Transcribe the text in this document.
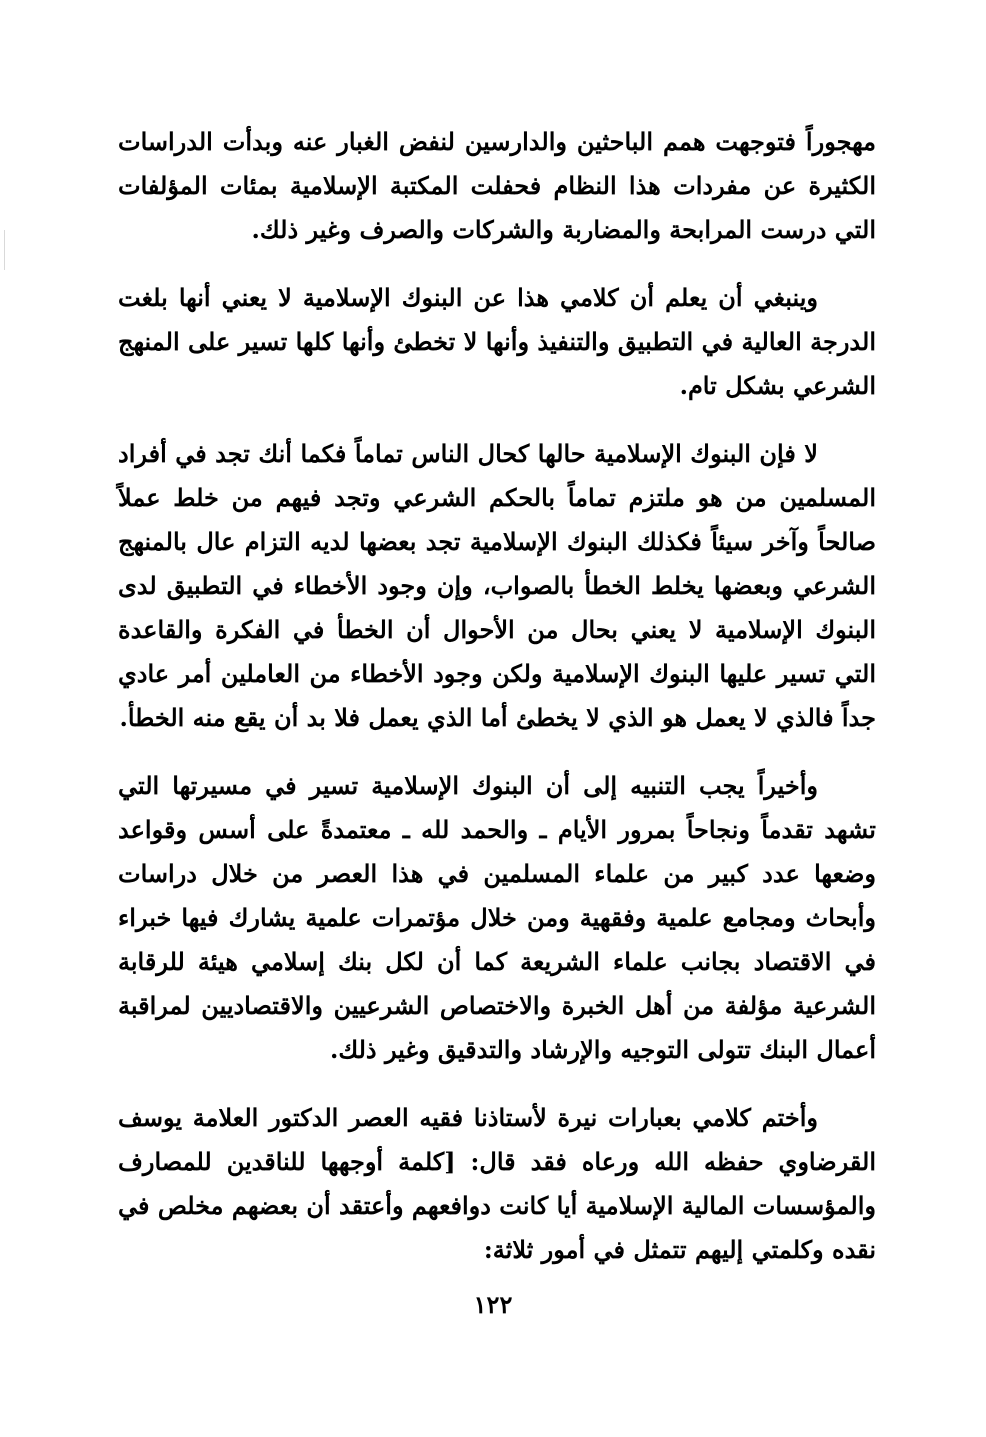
مهجوراً فتوجهت همم الباحثين والدارسين لنفض الغبار عنه وبدأت الدراسات الكثيرة عن مفردات هذا النظام فحفلت المكتبة الإسلامية بمئات المؤلفات التي درست المرابحة والمضاربة والشركات والصرف وغير ذلك.

وينبغي أن يعلم أن كلامي هذا عن البنوك الإسلامية لا يعني أنها بلغت الدرجة العالية في التطبيق والتنفيذ وأنها لا تخطئ وأنها كلها تسير على المنهج الشرعي بشكل تام.

لا فإن البنوك الإسلامية حالها كحال الناس تماماً فكما أنك تجد في أفراد المسلمين من هو ملتزم تماماً بالحكم الشرعي وتجد فيهم من خلط عملاً صالحاً وآخر سيئاً فكذلك البنوك الإسلامية تجد بعضها لديه التزام عال بالمنهج الشرعي وبعضها يخلط الخطأ بالصواب، وإن وجود الأخطاء في التطبيق لدى البنوك الإسلامية لا يعني بحال من الأحوال أن الخطأ في الفكرة والقاعدة التي تسير عليها البنوك الإسلامية ولكن وجود الأخطاء من العاملين أمر عادي جداً فالذي لا يعمل هو الذي لا يخطئ أما الذي يعمل فلا بد أن يقع منه الخطأ.

وأخيراً يجب التنبيه إلى أن البنوك الإسلامية تسير في مسيرتها التي تشهد تقدماً ونجاحاً بمرور الأيام ـ والحمد لله ـ معتمدةً على أسس وقواعد وضعها عدد كبير من علماء المسلمين في هذا العصر من خلال دراسات وأبحاث ومجامع علمية وفقهية ومن خلال مؤتمرات علمية يشارك فيها خبراء في الاقتصاد بجانب علماء الشريعة كما أن لكل بنك إسلامي هيئة للرقابة الشرعية مؤلفة من أهل الخبرة والاختصاص الشرعيين والاقتصاديين لمراقبة أعمال البنك تتولى التوجيه والإرشاد والتدقيق وغير ذلك.

وأختم كلامي بعبارات نيرة لأستاذنا فقيه العصر الدكتور العلامة يوسف القرضاوي حفظه الله ورعاه فقد قال: [كلمة أوجهها للناقدين للمصارف والمؤسسات المالية الإسلامية أيا كانت دوافعهم وأعتقد أن بعضهم مخلص في نقده وكلمتي إليهم تتمثل في أمور ثلاثة:

١٢٢
